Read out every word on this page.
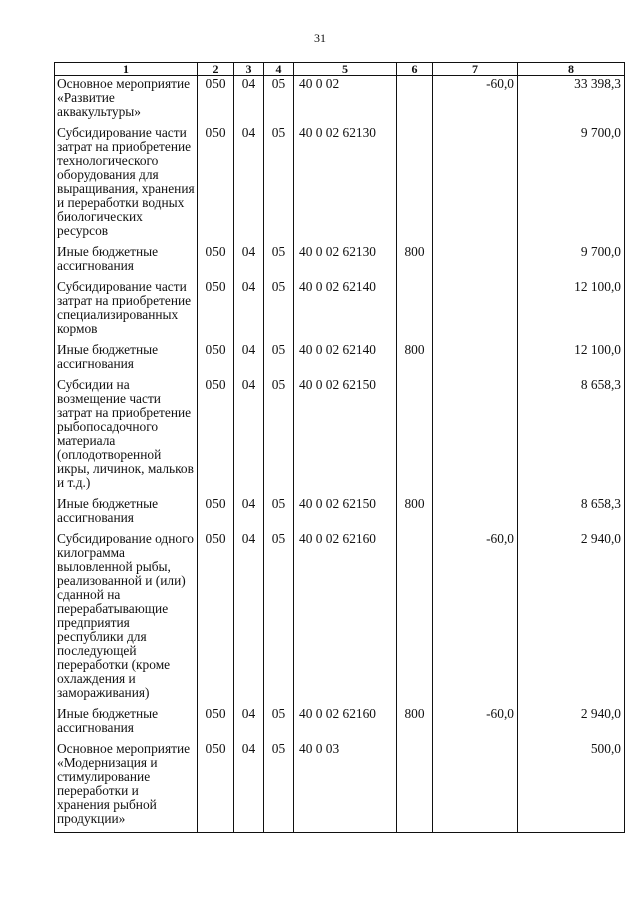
31
1	2	3	4	5	6	7	8
Основное мероприятие «Развитие аквакультуры»	050	04	05	40 0 02		-60,0	33 398,3
Субсидирование части затрат на приобретение технологического оборудования для выращивания, хранения и переработки водных биологических ресурсов	050	04	05	40 0 02 62130			9 700,0
Иные бюджетные ассигнования	050	04	05	40 0 02 62130	800		9 700,0
Субсидирование части затрат на приобретение специализированных кормов	050	04	05	40 0 02 62140			12 100,0
Иные бюджетные ассигнования	050	04	05	40 0 02 62140	800		12 100,0
Субсидии на возмещение части затрат на приобретение рыбопосадочного материала (оплодотворенной икры, личинок, мальков и т.д.)	050	04	05	40 0 02 62150			8 658,3
Иные бюджетные ассигнования	050	04	05	40 0 02 62150	800		8 658,3
Субсидирование одного килограмма выловленной рыбы, реализованной и (или) сданной на перерабатывающие предприятия республики для последующей переработки (кроме охлаждения и замораживания)	050	04	05	40 0 02 62160		-60,0	2 940,0
Иные бюджетные ассигнования	050	04	05	40 0 02 62160	800	-60,0	2 940,0
Основное мероприятие «Модернизация и стимулирование переработки и хранения рыбной продукции»	050	04	05	40 0 03			500,0
